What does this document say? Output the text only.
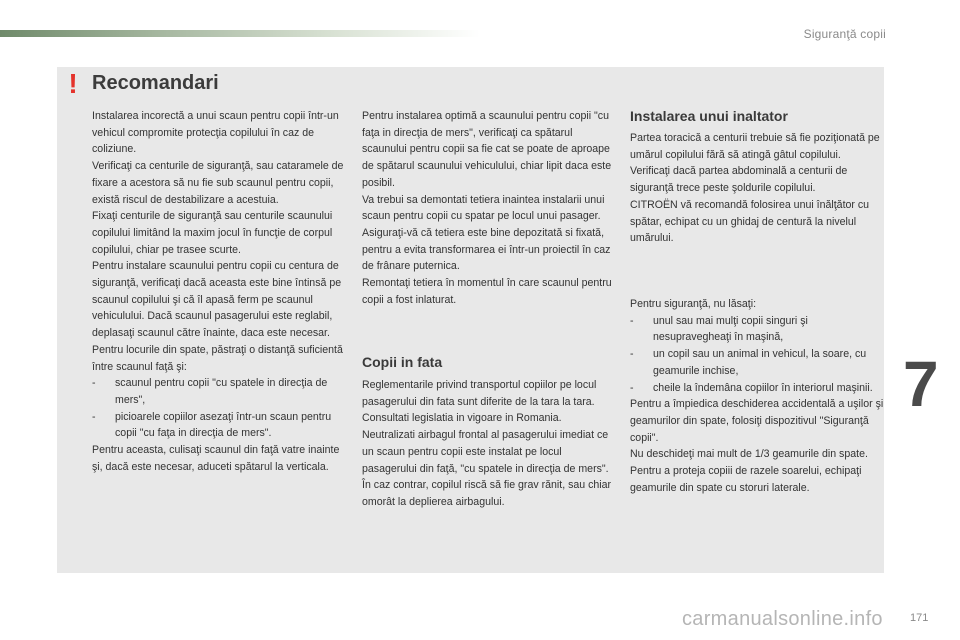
Siguranţă copii
! Recomandari

Instalarea incorectă a unui scaun pentru copii într-un vehicul compromite protecţia copilului în caz de coliziune.

Verificaţi ca centurile de siguranţă, sau cataramele de fixare a acestora să nu fie sub scaunul pentru copii, există riscul de destabilizare a acestuia.

Fixaţi centurile de siguranţă sau centurile scaunului copilului limitând la maxim jocul în funcţie de corpul copilului, chiar pe trasee scurte.

Pentru instalare scaunului pentru copii cu centura de siguranţă, verificaţi dacă aceasta este bine întinsă pe scaunul copilului şi că îl apasă ferm pe scaunul vehiculului. Dacă scaunul pasagerului este reglabil, deplasaţi scaunul către înainte, daca este necesar.

Pentru locurile din spate, păstraţi o distanţă suficientă între scaunul faţă şi:

- scaunul pentru copii "cu spatele in direcţia de mers",

- picioarele copiilor asezaţi într-un scaun pentru copii "cu faţa in direcţia de mers".

Pentru aceasta, culisaţi scaunul din faţă vatre inainte şi, dacă este necesar, aduceti spătarul la verticala.

Pentru instalarea optimă a scaunului pentru copii "cu faţa in direcţia de mers", verificaţi ca spătarul scaunului pentru copii sa fie cat se poate de aproape de spătarul scaunului vehiculului, chiar lipit daca este posibil.

Va trebui sa demontati tetiera inaintea instalarii unui scaun pentru copii cu spatar pe locul unui pasager.

Asiguraţi-vă că tetiera este bine depozitată si fixată, pentru a evita transformarea ei într-un proiectil în caz de frânare puternica.

Remontaţi tetiera în momentul în care scaunul pentru copii a fost inlaturat.

Copii in fata

Reglementarile privind transportul copiilor pe locul pasagerului din fata sunt diferite de la tara la tara. Consultati legislatia in vigoare in Romania.

Neutralizati airbagul frontal al pasagerului imediat ce un scaun pentru copii este instalat pe locul pasagerului din faţă, "cu spatele in direcţia de mers".

În caz contrar, copilul riscă să fie grav rănit, sau chiar omorât la deplierea airbagului.

Instalarea unui inaltator

Partea toracică a centurii trebuie să fie poziţionată pe umărul copilului fără să atingă gâtul copilului.

Verificaţi dacă partea abdominală a centurii de siguranţă trece peste şoldurile copilului.

CITROËN vă recomandă folosirea unui înălţător cu spătar, echipat cu un ghidaj de centură la nivelul umărului.

Pentru siguranţă, nu lăsaţi:

- unul sau mai mulţi copii singuri şi nesupravegheaţi în maşină,

- un copil sau un animal in vehicul, la soare, cu geamurile inchise,

- cheile la îndemâna copiilor în interiorul maşinii.

Pentru a împiedica deschiderea accidentală a uşilor şi geamurilor din spate, folosiţi dispozitivul "Siguranţă copii".

Nu deschideţi mai mult de 1/3 geamurile din spate.

Pentru a proteja copiii de razele soarelui, echipaţi geamurile din spate cu storuri laterale.

7
171
carmanualsonline.info
